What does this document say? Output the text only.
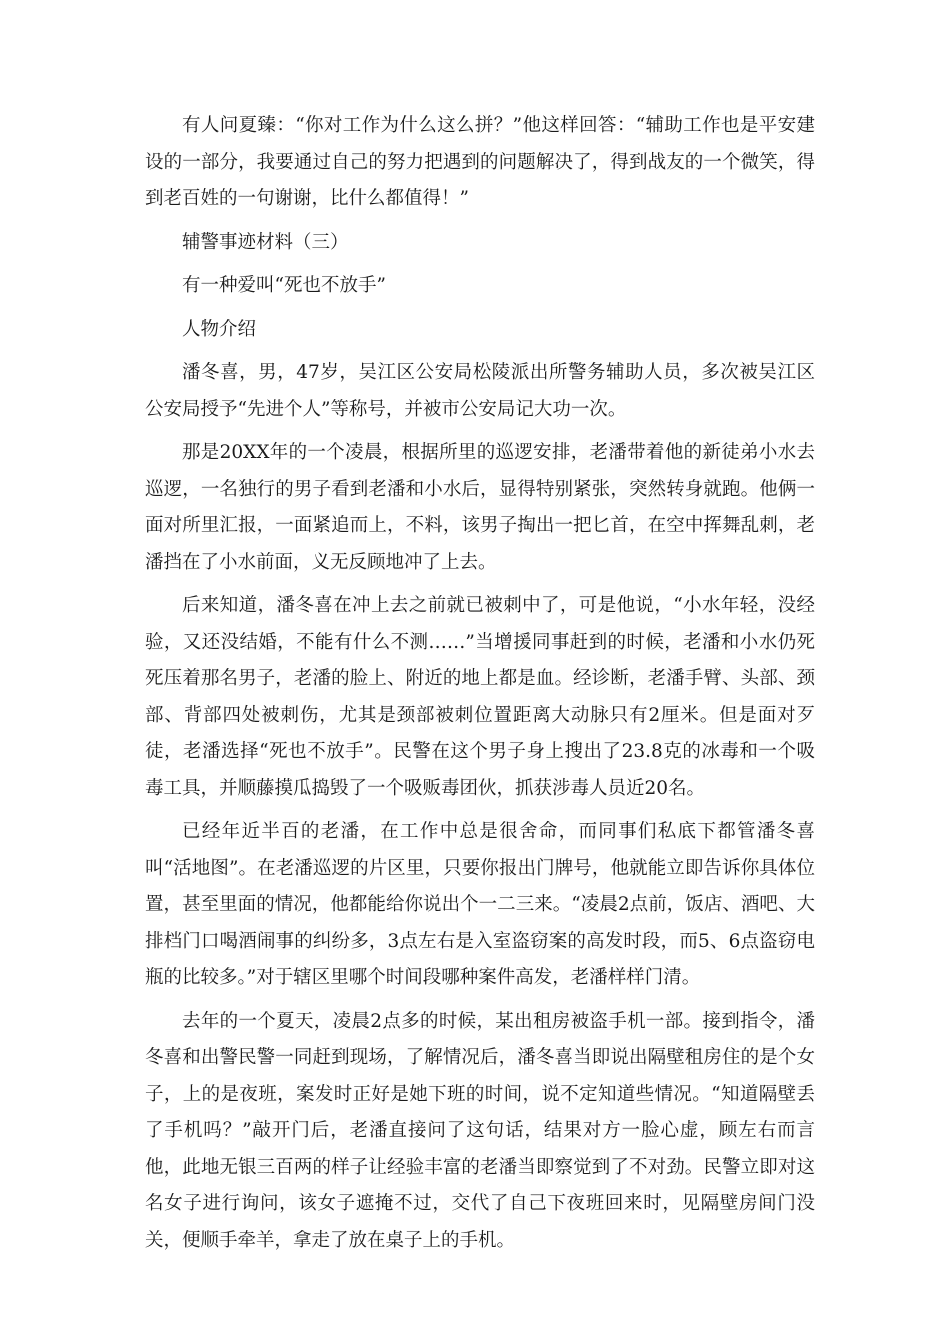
有人问夏臻：“你对工作为什么这么拼？”他这样回答：“辅助工作也是平安建设的一部分，我要通过自己的努力把遇到的问题解决了，得到战友的一个微笑，得到老百姓的一句谢谢，比什么都值得！”

辅警事迹材料（三）

有一种爱叫“死也不放手”

人物介绍

潘冬喜，男，47岁，吴江区公安局松陵派出所警务辅助人员，多次被吴江区公安局授予“先进个人”等称号，并被市公安局记大功一次。

那是20XX年的一个凌晨，根据所里的巡逻安排，老潘带着他的新徒弟小水去巡逻，一名独行的男子看到老潘和小水后，显得特别紧张，突然转身就跑。他俩一面对所里汇报，一面紧追而上，不料，该男子掏出一把匕首，在空中挥舞乱刺，老潘挡在了小水前面，义无反顾地冲了上去。

后来知道，潘冬喜在冲上去之前就已被刺中了，可是他说，“小水年轻，没经验，又还没结婚，不能有什么不测……”当增援同事赶到的时候，老潘和小水仍死死压着那名男子，老潘的脸上、附近的地上都是血。经诊断，老潘手臂、头部、颈部、背部四处被刺伤，尤其是颈部被刺位置距离大动脉只有2厘米。但是面对歹徒，老潘选择“死也不放手”。民警在这个男子身上搜出了23.8克的冰毒和一个吸毒工具，并顺藤摸瓜捣毁了一个吸贩毒团伙，抓获涉毒人员近20名。

已经年近半百的老潘，在工作中总是很舍命，而同事们私底下都管潘冬喜叫“活地图”。在老潘巡逻的片区里，只要你报出门牌号，他就能立即告诉你具体位置，甚至里面的情况，他都能给你说出个一二三来。“凌晨2点前，饭店、酒吧、大排档门口喝酒闹事的纠纷多，3点左右是入室盗窃案的高发时段，而5、6点盗窃电瓶的比较多。”对于辖区里哪个时间段哪种案件高发，老潘样样门清。

去年的一个夏天，凌晨2点多的时候，某出租房被盗手机一部。接到指令，潘冬喜和出警民警一同赶到现场，了解情况后，潘冬喜当即说出隔壁租房住的是个女子，上的是夜班，案发时正好是她下班的时间，说不定知道些情况。“知道隔壁丢了手机吗？”敲开门后，老潘直接问了这句话，结果对方一脸心虚，顾左右而言他，此地无银三百两的样子让经验丰富的老潘当即察觉到了不对劲。民警立即对这名女子进行询问，该女子遮掩不过，交代了自己下夜班回来时，见隔壁房间门没关，便顺手牵羊，拿走了放在桌子上的手机。
